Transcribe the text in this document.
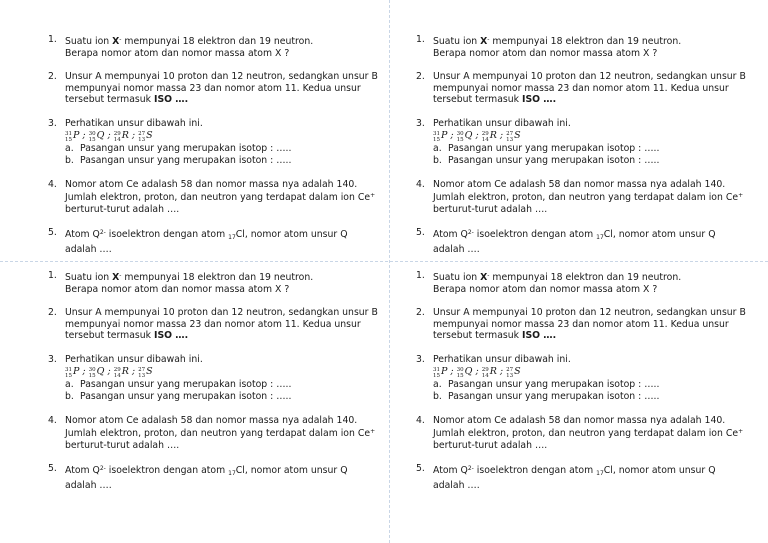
1. Suatu ion X- mempunyai 18 elektron dan 19 neutron.
Berapa nomor atom dan nomor massa atom X ?
2. Unsur A mempunyai 10 proton dan 12 neutron, sedangkan unsur B mempunyai nomor massa 23 dan nomor atom 11. Kedua unsur tersebut termasuk ISO ….
3. Perhatikan unsur dibawah ini.

31
15 P ; 30
15 Q ; 29
14 R ; 27
13 S
a. Pasangan unsur yang merupakan isotop : …..
b. Pasangan unsur yang merupakan isoton : …..
4. Nomor atom Ce adalash 58 dan nomor massa nya adalah 140. Jumlah elektron, proton, dan neutron yang terdapat dalam ion Ce+ berturut-turut adalah ….
5. Atom $Q^{2-}$ isoelektron dengan atom $_{17}$Cl, nomor atom unsur Q adalah ….
1. Suatu ion X- mempunyai 18 elektron dan 19 neutron.
Berapa nomor atom dan nomor massa atom X ?
2. Unsur A mempunyai 10 proton dan 12 neutron, sedangkan unsur B mempunyai nomor massa 23 dan nomor atom 11. Kedua unsur tersebut termasuk ISO ….
3. Perhatikan unsur dibawah ini.

31
15 P ; 30
15 Q ; 29
14 R ; 27
13 S
a. Pasangan unsur yang merupakan isotop : …..
b. Pasangan unsur yang merupakan isoton : …..
4. Nomor atom Ce adalash 58 dan nomor massa nya adalah 140. Jumlah elektron, proton, dan neutron yang terdapat dalam ion Ce+ berturut-turut adalah ….
5. Atom $Q^{2-}$ isoelektron dengan atom $_{17}$Cl, nomor atom unsur Q adalah ….
1. Suatu ion X- mempunyai 18 elektron dan 19 neutron.
Berapa nomor atom dan nomor massa atom X ?
2. Unsur A mempunyai 10 proton dan 12 neutron, sedangkan unsur B mempunyai nomor massa 23 dan nomor atom 11. Kedua unsur tersebut termasuk ISO ….
3. Perhatikan unsur dibawah ini.

31
15 P ; 30
15 Q ; 29
14 R ; 27
13 S
a. Pasangan unsur yang merupakan isotop : …..
b. Pasangan unsur yang merupakan isoton : …..
4. Nomor atom Ce adalash 58 dan nomor massa nya adalah 140. Jumlah elektron, proton, dan neutron yang terdapat dalam ion Ce+ berturut-turut adalah ….
5. Atom $Q^{2-}$ isoelektron dengan atom $_{17}$Cl, nomor atom unsur Q adalah ….
1. Suatu ion X- mempunyai 18 elektron dan 19 neutron.
Berapa nomor atom dan nomor massa atom X ?
2. Unsur A mempunyai 10 proton dan 12 neutron, sedangkan unsur B mempunyai nomor massa 23 dan nomor atom 11. Kedua unsur tersebut termasuk ISO ….
3. Perhatikan unsur dibawah ini.

31
15 P ; 30
15 Q ; 29
14 R ; 27
13 S
a. Pasangan unsur yang merupakan isotop : …..
b. Pasangan unsur yang merupakan isoton : …..
4. Nomor atom Ce adalash 58 dan nomor massa nya adalah 140. Jumlah elektron, proton, dan neutron yang terdapat dalam ion Ce+ berturut-turut adalah ….
5. Atom $Q^{2-}$ isoelektron dengan atom $_{17}$Cl, nomor atom unsur Q adalah ….
